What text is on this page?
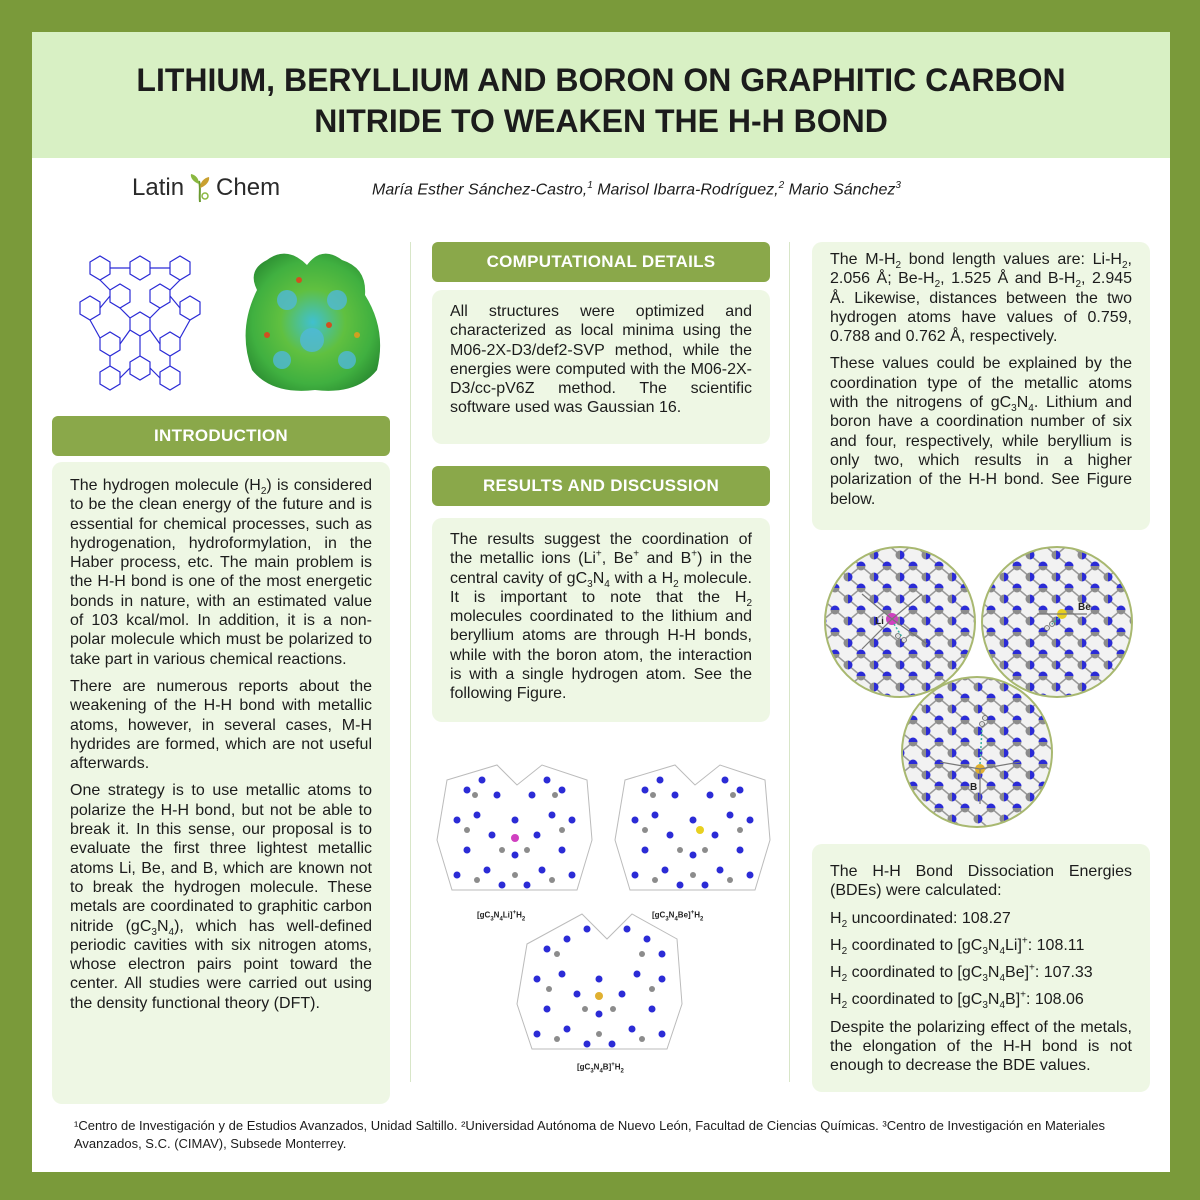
LITHIUM, BERYLLIUM AND BORON ON GRAPHITIC CARBON
NITRIDE TO WEAKEN THE H-H BOND
Latin Chem	María Esther Sánchez-Castro,$^1$ Marisol Ibarra-Rodríguez,$^2$ Mario Sánchez$^3$
INTRODUCTION

The hydrogen molecule $(H_2)$ is considered to be the clean energy of the future and is essential for chemical processes, such as hydrogenation, hydroformylation, in the Haber process, etc. The main problem is the H-H bond is one of the most energetic bonds in nature, with an estimated value of 103 kcal/mol. In addition, it is a non-polar molecule which must be polarized to take part in various chemical reactions.

There are numerous reports about the weakening of the H-H bond with metallic atoms, however, in several cases, M-H hydrides are formed, which are not useful afterwards.

One strategy is to use metallic atoms to polarize the H-H bond, but not be able to break it. In this sense, our proposal is to evaluate the first three lightest metallic atoms Li, Be, and B, which are known not to break the hydrogen molecule. These metals are coordinated to graphitic carbon nitride $(gC_3N_4)$, which has well-defined periodic cavities with six nitrogen atoms, whose electron pairs point toward the center. All studies were carried out using the density functional theory (DFT).

COMPUTATIONAL DETAILS
All structures were optimized and characterized as local minima using the M06-2X-D3/def2-SVP method, while the energies were computed with the M06-2X-D3/cc-pV6Z method. The scientific software used was Gaussian 16.
RESULTS AND DISCUSSION

The results suggest the coordination of the metallic ions (Li+, Be+ and B+) in the central cavity of $gC_3N_4$ with a $H_2$ molecule. It is important to note that the $H_2$ molecules coordinated to the lithium and beryllium atoms are through H-H bonds, while with the boron atom, the interaction is with a single hydrogen atom. See the following Figure.

$[gC_3N_4Li]^+H_2$	$[gC_3N_4Be]^+H_2$
$[gC_3N_4B]^+H_2$

The $M-H_2$ bond length values are: $Li-H_2$, 2.056 Å; $Be-H_2$, 1.525 Å and $B-H_2$, 2.945 Å. Likewise, distances between the two hydrogen atoms have values of 0.759, 0.788 and 0.762 Å, respectively.

These values could be explained by the coordination type of the metallic atoms with the nitrogens of $gC_3N_4$. Lithium and boron have a coordination number of six and four, respectively, while beryllium is only two, which results in a higher polarization of the H-H bond. See Figure below.

Li
Be
B

The H-H Bond Dissociation Energies (BDEs) were calculated:

$H_2$ uncoordinated: 108.27

$H_2$ coordinated to $[gC_3N_4Li]^+$: 108.11

$H_2$ coordinated to $[gC_3N_4Be]^+$: 107.33

$H_2$ coordinated to $[gC_3N_4B]^+$: 108.06

Despite the polarizing effect of the metals, the elongation of the H-H bond is not enough to decrease the BDE values.

¹Centro de Investigación y de Estudios Avanzados, Unidad Saltillo. ²Universidad Autónoma de Nuevo León, Facultad de Ciencias Químicas. ³Centro de Investigación en Materiales Avanzados, S.C. (CIMAV), Subsede Monterrey.
